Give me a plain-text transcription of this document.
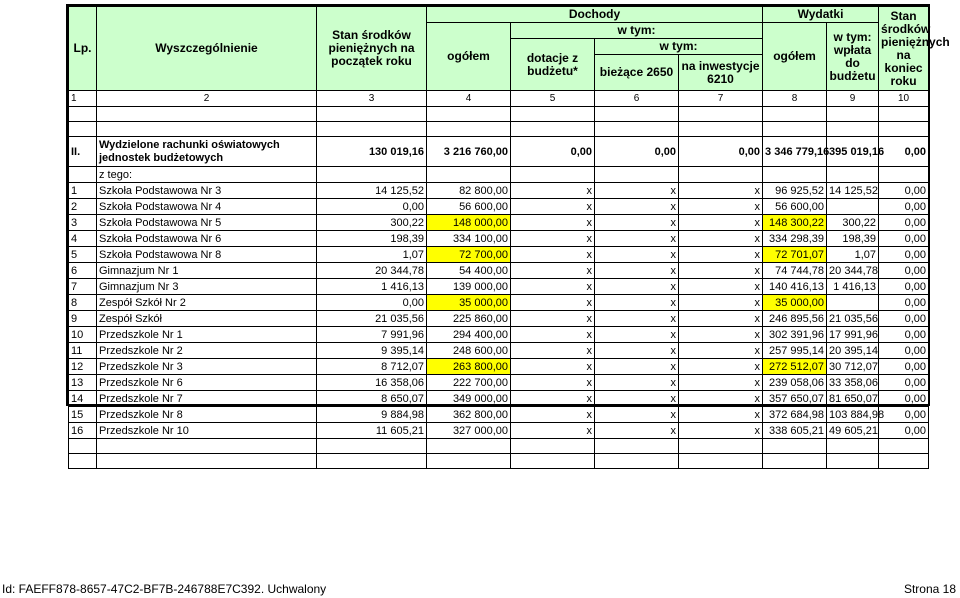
Lp.	Wyszczególnienie	Stan środków pieniężnych na początek roku	Dochody				Wydatki		Stan środków pieniężnych na koniec roku
			ogółem	w tym:			ogółem	w tym: wpłata do budżetu	
				dotacje z budżetu*	w tym:				
					bieżące 2650	na inwestycje 6210			
1	2	3	4	5	6	7	8	9	10

II.	Wydzielone rachunki oświatowych jednostek budżetowych	130 019,16	3 216 760,00	0,00	0,00	0,00	3 346 779,16	395 019,16	0,00
	z tego:								
1	Szkoła Podstawowa Nr 3	14 125,52	82 800,00	x	x	x	96 925,52	14 125,52	0,00
2	Szkoła Podstawowa Nr 4	0,00	56 600,00	x	x	x	56 600,00		0,00
3	Szkoła Podstawowa Nr 5	300,22	148 000,00	x	x	x	148 300,22	300,22	0,00
4	Szkoła Podstawowa Nr 6	198,39	334 100,00	x	x	x	334 298,39	198,39	0,00
5	Szkoła Podstawowa Nr 8	1,07	72 700,00	x	x	x	72 701,07	1,07	0,00
6	Gimnazjum Nr 1	20 344,78	54 400,00	x	x	x	74 744,78	20 344,78	0,00
7	Gimnazjum Nr 3	1 416,13	139 000,00	x	x	x	140 416,13	1 416,13	0,00
8	Zespół Szkół Nr 2	0,00	35 000,00	x	x	x	35 000,00		0,00
9	Zespół Szkół	21 035,56	225 860,00	x	x	x	246 895,56	21 035,56	0,00
10	Przedszkole Nr 1	7 991,96	294 400,00	x	x	x	302 391,96	17 991,96	0,00
11	Przedszkole Nr 2	9 395,14	248 600,00	x	x	x	257 995,14	20 395,14	0,00
12	Przedszkole Nr 3	8 712,07	263 800,00	x	x	x	272 512,07	30 712,07	0,00
13	Przedszkole Nr 6	16 358,06	222 700,00	x	x	x	239 058,06	33 358,06	0,00
14	Przedszkole Nr 7	8 650,07	349 000,00	x	x	x	357 650,07	81 650,07	0,00
15	Przedszkole Nr 8	9 884,98	362 800,00	x	x	x	372 684,98	103 884,98	0,00
16	Przedszkole Nr 10	11 605,21	327 000,00	x	x	x	338 605,21	49 605,21	0,00

Id: FAEFF878-8657-47C2-BF7B-246788E7C392. Uchwalony	Strona 18
